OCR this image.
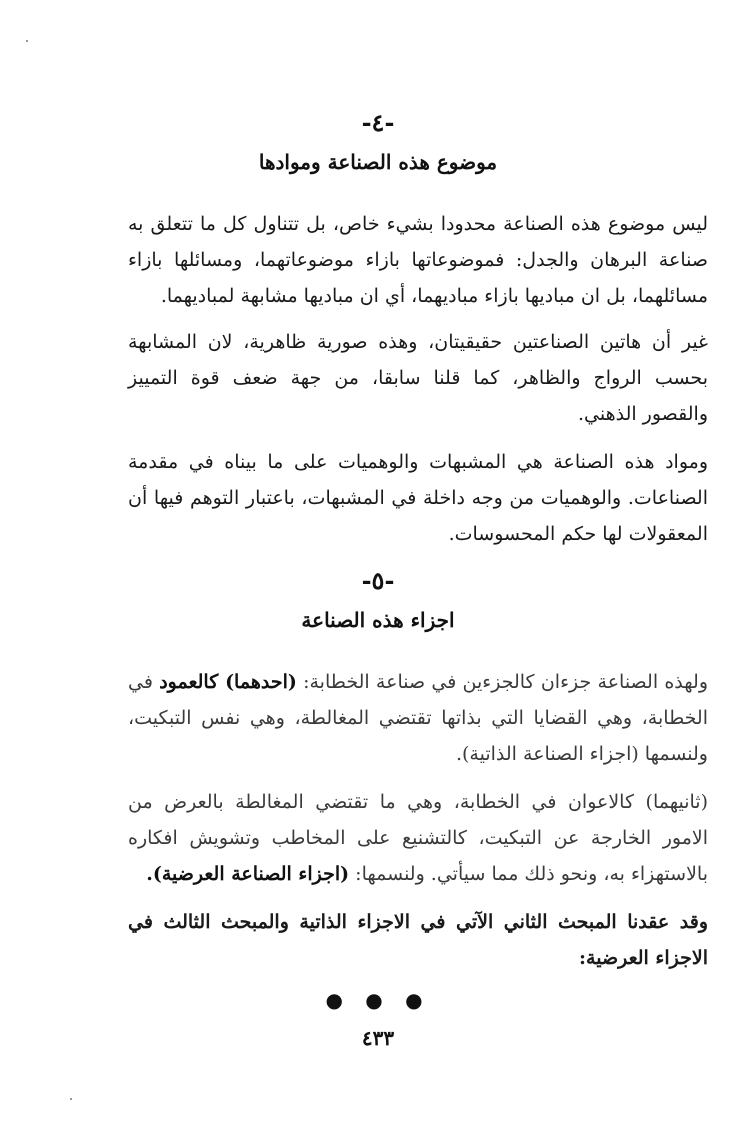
-٤-
موضوع هذه الصناعة وموادها
ليس موضوع هذه الصناعة محدودا بشيء خاص، بل تتناول كل ما تتعلق به صناعة البرهان والجدل: فموضوعاتها بازاء موضوعاتهما، ومسائلها بازاء مسائلهما، بل ان مباديها بازاء مباديهما، أي ان مباديها مشابهة لمباديهما.
غير أن هاتين الصناعتين حقيقيتان، وهذه صورية ظاهرية، لان المشابهة بحسب الرواج والظاهر، كما قلنا سابقا، من جهة ضعف قوة التمييز والقصور الذهني.
ومواد هذه الصناعة هي المشبهات والوهميات على ما بيناه في مقدمة الصناعات. والوهميات من وجه داخلة في المشبهات، باعتبار التوهم فيها أن المعقولات لها حكم المحسوسات.
-٥-
اجزاء هذه الصناعة
ولهذه الصناعة جزءان كالجزءين في صناعة الخطابة: (احدهما) كالعمود في الخطابة، وهي القضايا التي بذاتها تقتضي المغالطة، وهي نفس التبكيت، ولنسمها (اجزاء الصناعة الذاتية).
(ثانيهما) كالاعوان في الخطابة، وهي ما تقتضي المغالطة بالعرض من الامور الخارجة عن التبكيت، كالتشنيع على المخاطب وتشويش افكاره بالاستهزاء به، ونحو ذلك مما سيأتي. ولنسمها: (اجزاء الصناعة العرضية).
وقد عقدنا المبحث الثاني الآتي في الاجزاء الذاتية والمبحث الثالث في الاجزاء العرضية:
● ● ●
٤٣٣
